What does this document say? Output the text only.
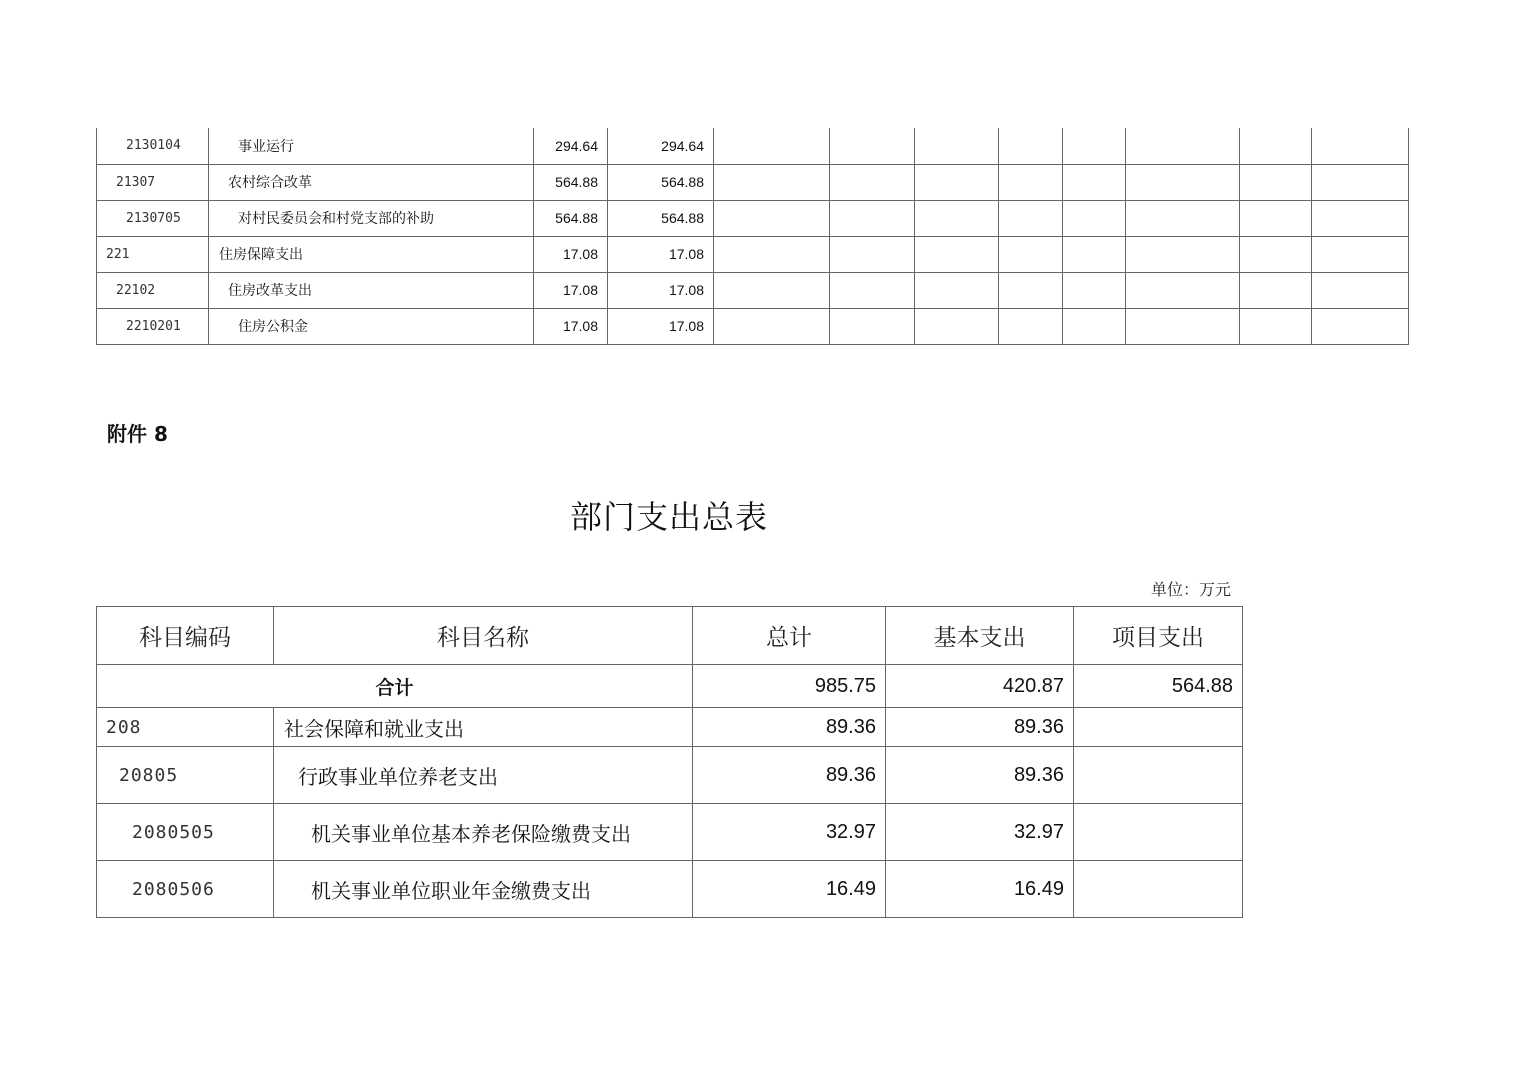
2130104	事业运行	294.64	294.64								
21307	农村综合改革	564.88	564.88								
2130705	对村民委员会和村党支部的补助	564.88	564.88								
221	住房保障支出	17.08	17.08								
22102	住房改革支出	17.08	17.08								
2210201	住房公积金	17.08	17.08								
附件 8
部门支出总表
单位：万元
科目编码	科目名称	总计	基本支出	项目支出
合计		985.75	420.87	564.88
208	社会保障和就业支出	89.36	89.36	
20805	行政事业单位养老支出	89.36	89.36	
2080505	机关事业单位基本养老保险缴费支出	32.97	32.97	
2080506	机关事业单位职业年金缴费支出	16.49	16.49	
